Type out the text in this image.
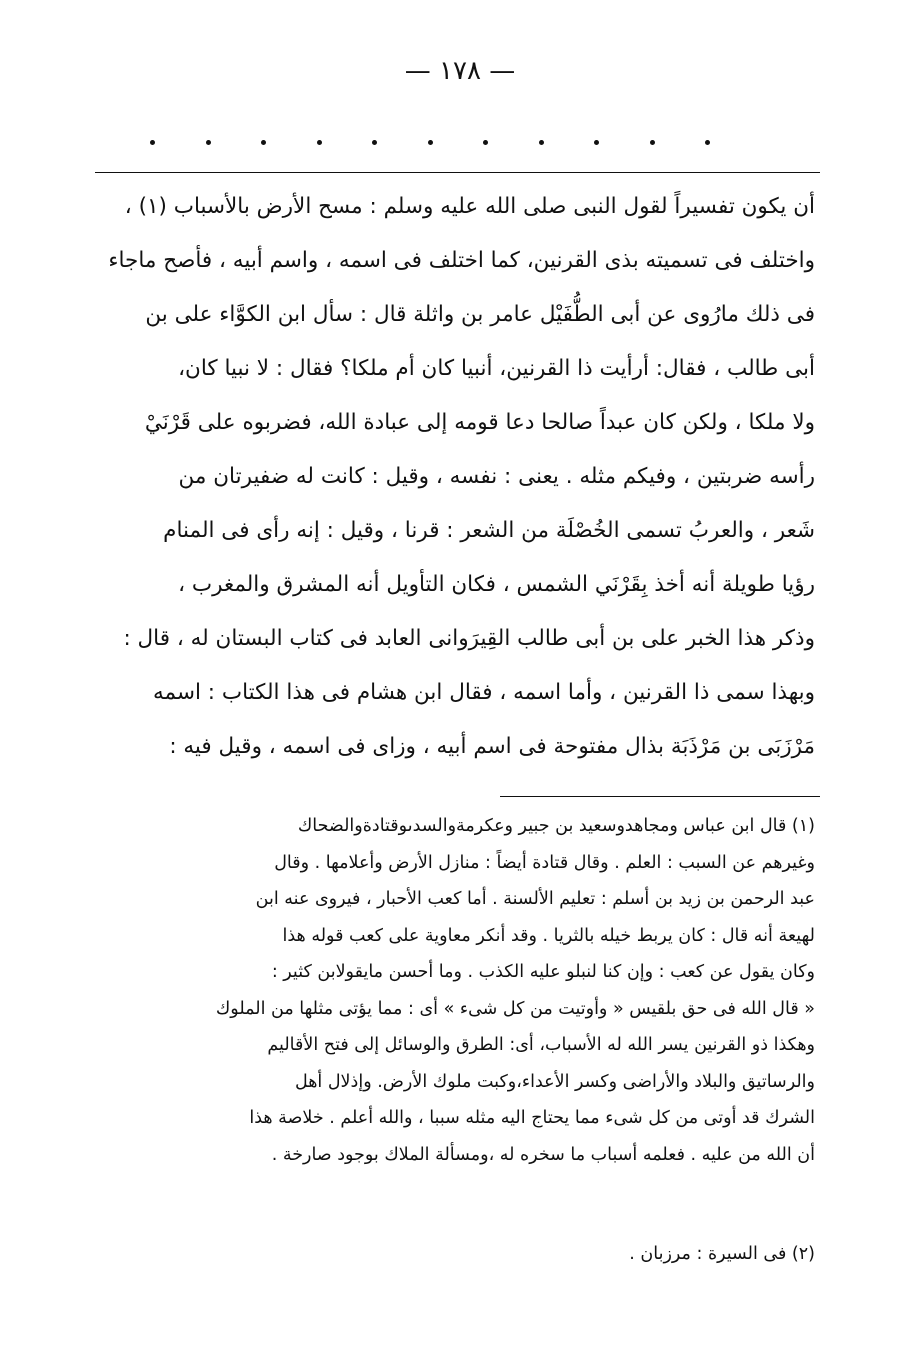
— ١٧٨ —
أن يكون تفسيراً لقول النبى صلى الله عليه وسلم : مسح الأرض بالأسباب (١) ،
واختلف فى تسميته بذى القرنين، كما اختلف فى اسمه ، واسم أبيه ، فأصح ماجاء
فى ذلك مارُوى عن أبى الطُّفَيْل عامر بن واثلة قال : سأل ابن الكوَّاء على بن
أبى طالب ، فقال: أرأيت ذا القرنين، أنبيا كان أم ملكا؟ فقال : لا نبيا كان،
ولا ملكا ، ولكن كان عبداً صالحا دعا قومه إلى عبادة الله، فضربوه على قَرْنَيْ
رأسه ضربتين ، وفيكم مثله . يعنى : نفسه ، وقيل : كانت له ضفيرتان من
شَعر ، والعربُ تسمى الخُصْلَة من الشعر : قرنا ، وقيل : إنه رأى فى المنام
رؤيا طويلة أنه أخذ بِقَرْنَي الشمس ، فكان التأويل أنه المشرق والمغرب ،
وذكر هذا الخبر على بن أبى طالب القِيرَوانى العابد فى كتاب البستان له ، قال :
وبهذا سمى ذا القرنين ، وأما اسمه ، فقال ابن هشام فى هذا الكتاب : اسمه
مَرْزَبَى بن مَرْذَبَة بذال مفتوحة فى اسم أبيه ، وزاى فى اسمه ، وقيل فيه :
(١) قال ابن عباس ومجاهدوسعيد بن جبير وعكرمةوالسدىوقتادةوالضحاك
وغيرهم عن السبب : العلم . وقال قتادة أيضاً : منازل الأرض وأعلامها . وقال
عبد الرحمن بن زيد بن أسلم : تعليم الألسنة . أما كعب الأحبار ، فيروى عنه ابن
لهيعة أنه قال : كان يربط خيله بالثريا . وقد أنكر معاوية على كعب قوله هذا
وكان يقول عن كعب : وإن كنا لنبلو عليه الكذب . وما أحسن مايقولابن كثير :
« قال الله فى حق بلقيس « وأوتيت من كل شىء » أى : مما يؤتى مثلها من الملوك
وهكذا ذو القرنين يسر الله له الأسباب، أى: الطرق والوسائل إلى فتح الأقاليم
والرساتيق والبلاد والأراضى وكسر الأعداء،وكبت ملوك الأرض. وإذلال أهل
الشرك قد أوتى من كل شىء مما يحتاج اليه مثله سببا ، والله أعلم . خلاصة هذا
أن الله من عليه . فعلمه أسباب ما سخره له ،ومسألة الملاك بوجود صارخة .
(٢) فى السيرة : مرزبان .
